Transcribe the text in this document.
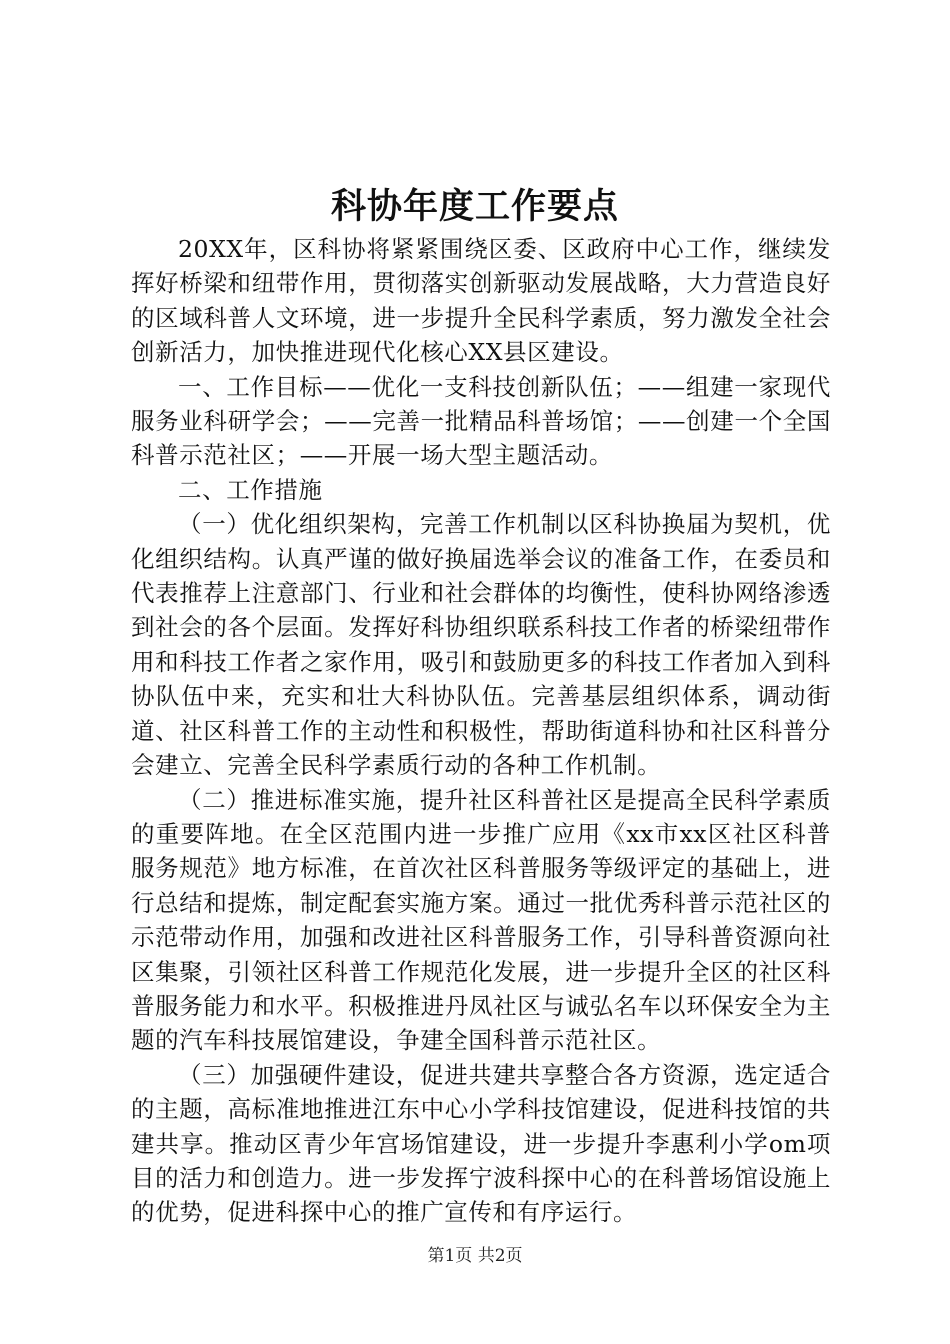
科协年度工作要点

20XX年，区科协将紧紧围绕区委、区政府中心工作，继续发挥好桥梁和纽带作用，贯彻落实创新驱动发展战略，大力营造良好的区域科普人文环境，进一步提升全民科学素质，努力激发全社会创新活力，加快推进现代化核心XX县区建设。

一、工作目标——优化一支科技创新队伍；——组建一家现代服务业科研学会；——完善一批精品科普场馆；——创建一个全国科普示范社区；——开展一场大型主题活动。

二、工作措施

（一）优化组织架构，完善工作机制以区科协换届为契机，优化组织结构。认真严谨的做好换届选举会议的准备工作，在委员和代表推荐上注意部门、行业和社会群体的均衡性，使科协网络渗透到社会的各个层面。发挥好科协组织联系科技工作者的桥梁纽带作用和科技工作者之家作用，吸引和鼓励更多的科技工作者加入到科协队伍中来，充实和壮大科协队伍。完善基层组织体系，调动街道、社区科普工作的主动性和积极性，帮助街道科协和社区科普分会建立、完善全民科学素质行动的各种工作机制。

（二）推进标准实施，提升社区科普社区是提高全民科学素质的重要阵地。在全区范围内进一步推广应用《xx市xx区社区科普服务规范》地方标准，在首次社区科普服务等级评定的基础上，进行总结和提炼，制定配套实施方案。通过一批优秀科普示范社区的示范带动作用，加强和改进社区科普服务工作，引导科普资源向社区集聚，引领社区科普工作规范化发展，进一步提升全区的社区科普服务能力和水平。积极推进丹凤社区与诚弘名车以环保安全为主题的汽车科技展馆建设，争建全国科普示范社区。

（三）加强硬件建设，促进共建共享整合各方资源，选定适合的主题，高标准地推进江东中心小学科技馆建设，促进科技馆的共建共享。推动区青少年宫场馆建设，进一步提升李惠利小学om项目的活力和创造力。进一步发挥宁波科探中心的在科普场馆设施上的优势，促进科探中心的推广宣传和有序运行。

第1页 共2页
